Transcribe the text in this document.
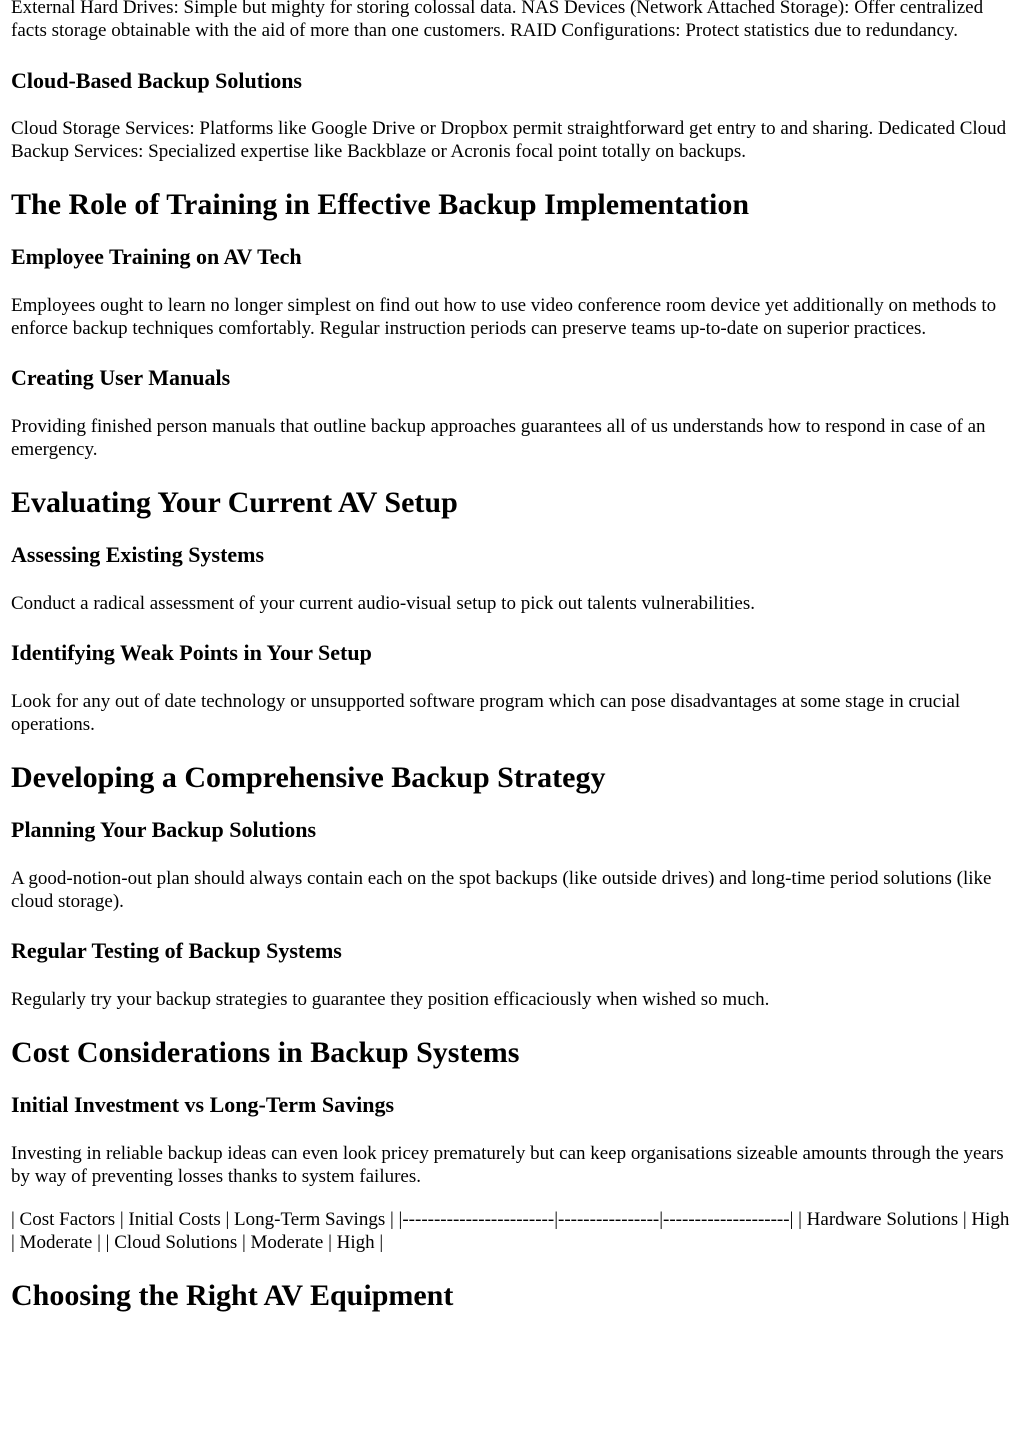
External Hard Drives: Simple but mighty for storing colossal data. NAS Devices (Network Attached Storage): Offer centralized facts storage obtainable with the aid of more than one customers. RAID Configurations: Protect statistics due to redundancy.

Cloud-Based Backup Solutions

Cloud Storage Services: Platforms like Google Drive or Dropbox permit straightforward get entry to and sharing. Dedicated Cloud Backup Services: Specialized expertise like Backblaze or Acronis focal point totally on backups.

The Role of Training in Effective Backup Implementation
Employee Training on AV Tech

Employees ought to learn no longer simplest on find out how to use video conference room device yet additionally on methods to enforce backup techniques comfortably. Regular instruction periods can preserve teams up-to-date on superior practices.

Creating User Manuals

Providing finished person manuals that outline backup approaches guarantees all of us understands how to respond in case of an emergency.

Evaluating Your Current AV Setup
Assessing Existing Systems

Conduct a radical assessment of your current audio-visual setup to pick out talents vulnerabilities.

Identifying Weak Points in Your Setup

Look for any out of date technology or unsupported software program which can pose disadvantages at some stage in crucial operations.

Developing a Comprehensive Backup Strategy
Planning Your Backup Solutions

A good-notion-out plan should always contain each on the spot backups (like outside drives) and long-time period solutions (like cloud storage).

Regular Testing of Backup Systems

Regularly try your backup strategies to guarantee they position efficaciously when wished so much.

Cost Considerations in Backup Systems
Initial Investment vs Long-Term Savings

Investing in reliable backup ideas can even look pricey prematurely but can keep organisations sizeable amounts through the years by way of preventing losses thanks to system failures.

| Cost Factors | Initial Costs | Long-Term Savings | |------------------------|----------------|--------------------| | Hardware Solutions | High | Moderate | | Cloud Solutions | Moderate | High |

Choosing the Right AV Equipment
